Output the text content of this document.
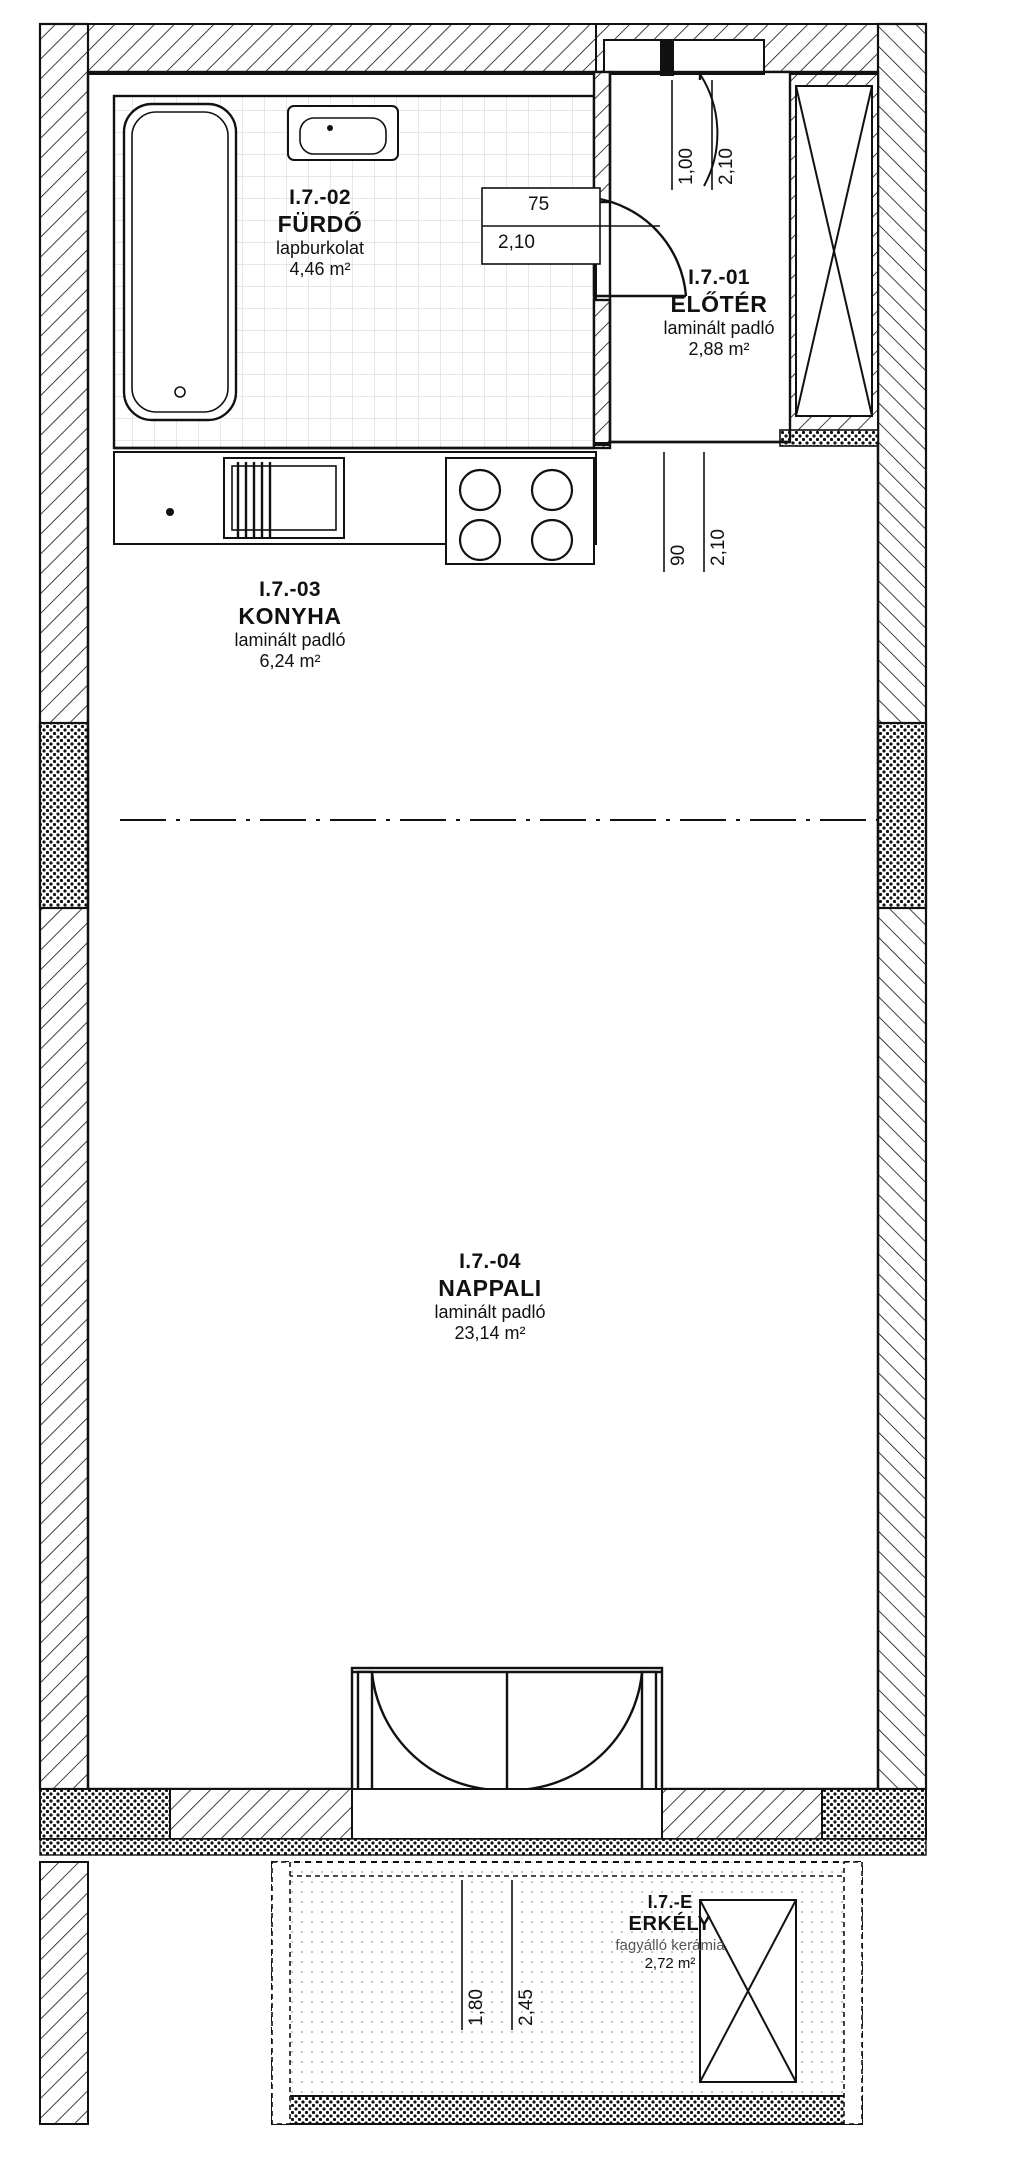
I.7.-02
FÜRDŐ
lapburkolat
4,46 m²	I.7.-01
ELŐTÉR
laminált padló
2,88 m²
I.7.-03
KONYHA
laminált padló
6,24 m²
I.7.-04
NAPPALI
laminált padló
23,14 m²
I.7.-E
ERKÉLY
fagyálló kerámia
2,72 m²
1,00 2,10
75
2,10
90 2,10
1,80 2,45
